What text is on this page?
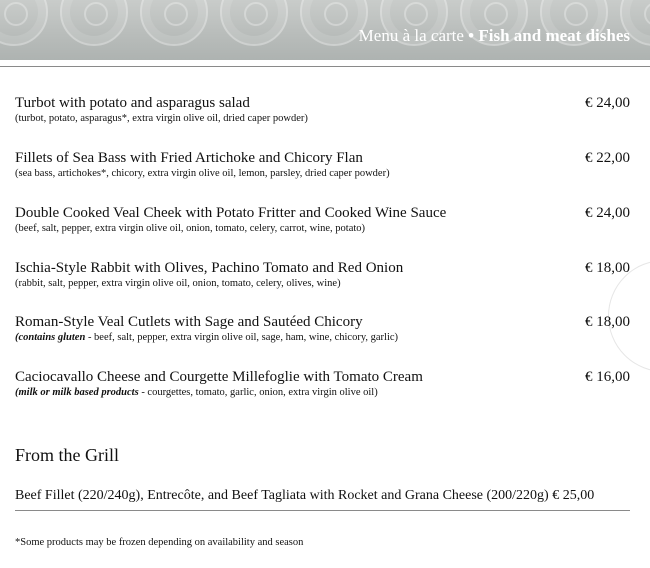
Menu à la carte • Fish and meat dishes
Turbot with potato and asparagus salad	€ 24,00
(turbot, potato, asparagus*, extra virgin olive oil, dried caper powder)
Fillets of Sea Bass with Fried Artichoke and Chicory Flan	€ 22,00
(sea bass, artichokes*, chicory, extra virgin olive oil, lemon, parsley, dried caper powder)
Double Cooked Veal Cheek with Potato Fritter and Cooked Wine Sauce	€ 24,00
(beef, salt, pepper, extra virgin olive oil, onion, tomato, celery, carrot, wine, potato)
Ischia-Style Rabbit with Olives, Pachino Tomato and Red Onion	€ 18,00
(rabbit, salt, pepper, extra virgin olive oil, onion, tomato, celery, olives, wine)
Roman-Style Veal Cutlets with Sage and Sautéed Chicory	€ 18,00
(contains gluten - beef, salt, pepper, extra virgin olive oil, sage, ham, wine, chicory, garlic)
Caciocavallo Cheese and Courgette Millefoglie with Tomato Cream	€ 16,00
(milk or milk based products - courgettes, tomato, garlic, onion, extra virgin olive oil)
From the Grill
Beef Fillet (220/240g), Entrecôte, and Beef Tagliata with Rocket and Grana Cheese (200/220g) € 25,00
*Some products may be frozen depending on availability and season
